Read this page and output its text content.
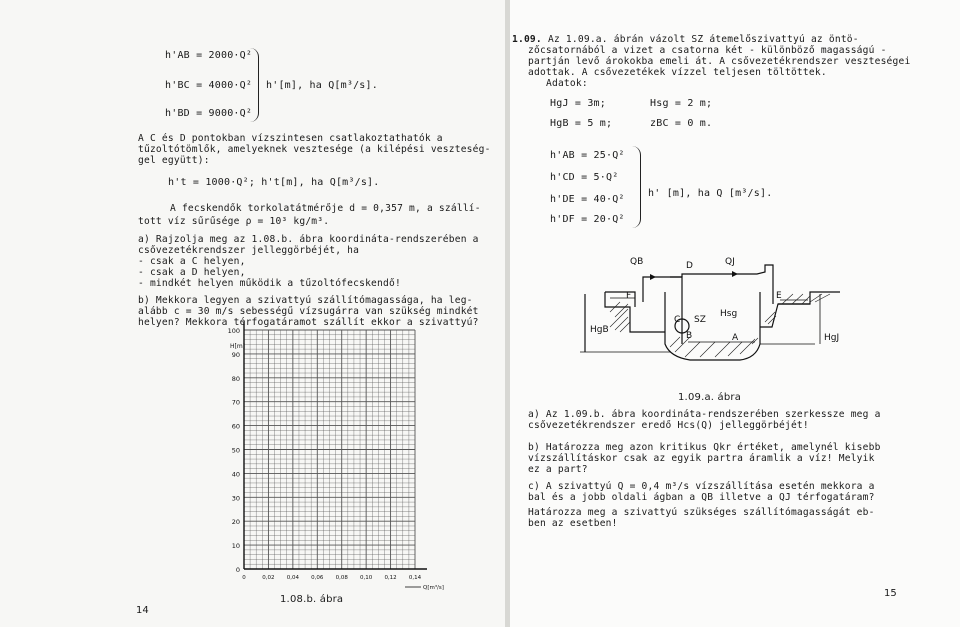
h'AB = 2000·Q²
h'BC = 4000·Q²
h'BD = 9000·Q²
h'[m], ha Q[m³/s].
A C és D pontokban vízszintesen csatlakoztathatók a
tűzoltótömlők, amelyeknek vesztesége (a kilépési veszteség-
gel együtt):
h't = 1000·Q²; h't[m], ha Q[m³/s].
A fecskendők torkolatátmérője d = 0,357 m, a szállí-
tott víz sűrűsége ρ = 10³ kg/m³.
a) Rajzolja meg az 1.08.b. ábra koordináta-rendszerében a
csővezetékrendszer jelleggörbéjét, ha
- csak a C helyen,
- csak a D helyen,
- mindkét helyen működik a tűzoltófecskendő!
b) Mekkora legyen a szivattyú szállítómagassága, ha leg-
alább c = 30 m/s sebességű vízsugárra van szükség mindkét
helyen? Mekkora térfogatáramot szállít ekkor a szivattyú?
0
10
20
30
40
50
60
70
80
90
100
0	0,02 0,04 0,06 0,08 0,10 0,12 0,14
H[m]
Q[m³/s]
1.08.b. ábra
14
1.09. Az 1.09.a. ábrán vázolt SZ átemelőszivattyú az öntö-
zőcsatornából a vizet a csatorna két - különböző magasságú -
partján levő árokokba emeli át. A csővezetékrendszer veszteségei
adottak. A csővezetékek vízzel teljesen töltöttek.
Adatok:
HgJ = 3m;	Hsg = 2 m;
HgB = 5 m;	zBC = 0 m.
h'AB = 25·Q²
h'CD = 5·Q²
h'DE = 40·Q²
h'DF = 20·Q²
h' [m], ha Q [m³/s].
QB	D	QJ
F	E
SZ
C
B	A
HgB
Hsg
HgJ
1.09.a. ábra
a) Az 1.09.b. ábra koordináta-rendszerében szerkessze meg a
csővezetékrendszer eredő Hcs(Q) jelleggörbéjét!
b) Határozza meg azon kritikus Qkr értéket, amelynél kisebb
vízszállításkor csak az egyik partra áramlik a víz! Melyik
ez a part?
c) A szivattyú Q = 0,4 m³/s vízszállítása esetén mekkora a
bal és a jobb oldali ágban a QB illetve a QJ térfogatáram?
Határozza meg a szivattyú szükséges szállítómagasságát eb-
ben az esetben!
15
